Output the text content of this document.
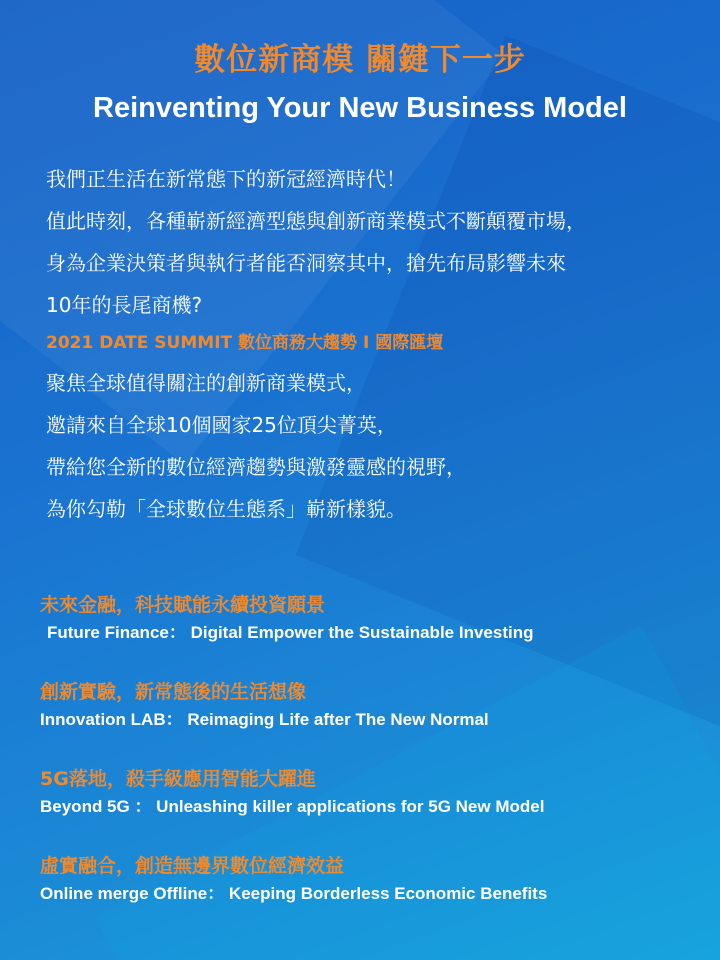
數位新商模 關鍵下一步
Reinventing Your New Business Model
我們正生活在新常態下的新冠經濟時代！
值此時刻，各種嶄新經濟型態與創新商業模式不斷顛覆市場，
身為企業決策者與執行者能否洞察其中，搶先布局影響未來
10年的長尾商機?
2021 DATE SUMMIT 數位商務大趨勢 I 國際匯壇
聚焦全球值得關注的創新商業模式，
邀請來自全球10個國家25位頂尖菁英，
帶給您全新的數位經濟趨勢與激發靈感的視野，
為你勾勒「全球數位生態系」嶄新樣貌。
未來金融，科技賦能永續投資願景
Future Finance： Digital Empower the Sustainable Investing
創新實驗，新常態後的生活想像
Innovation LAB： Reimaging Life after The New Normal
5G落地，殺手級應用智能大躍進
Beyond 5G ： Unleashing killer applications for 5G New Model
虛實融合，創造無邊界數位經濟效益
Online merge Offline： Keeping Borderless Economic Benefits
